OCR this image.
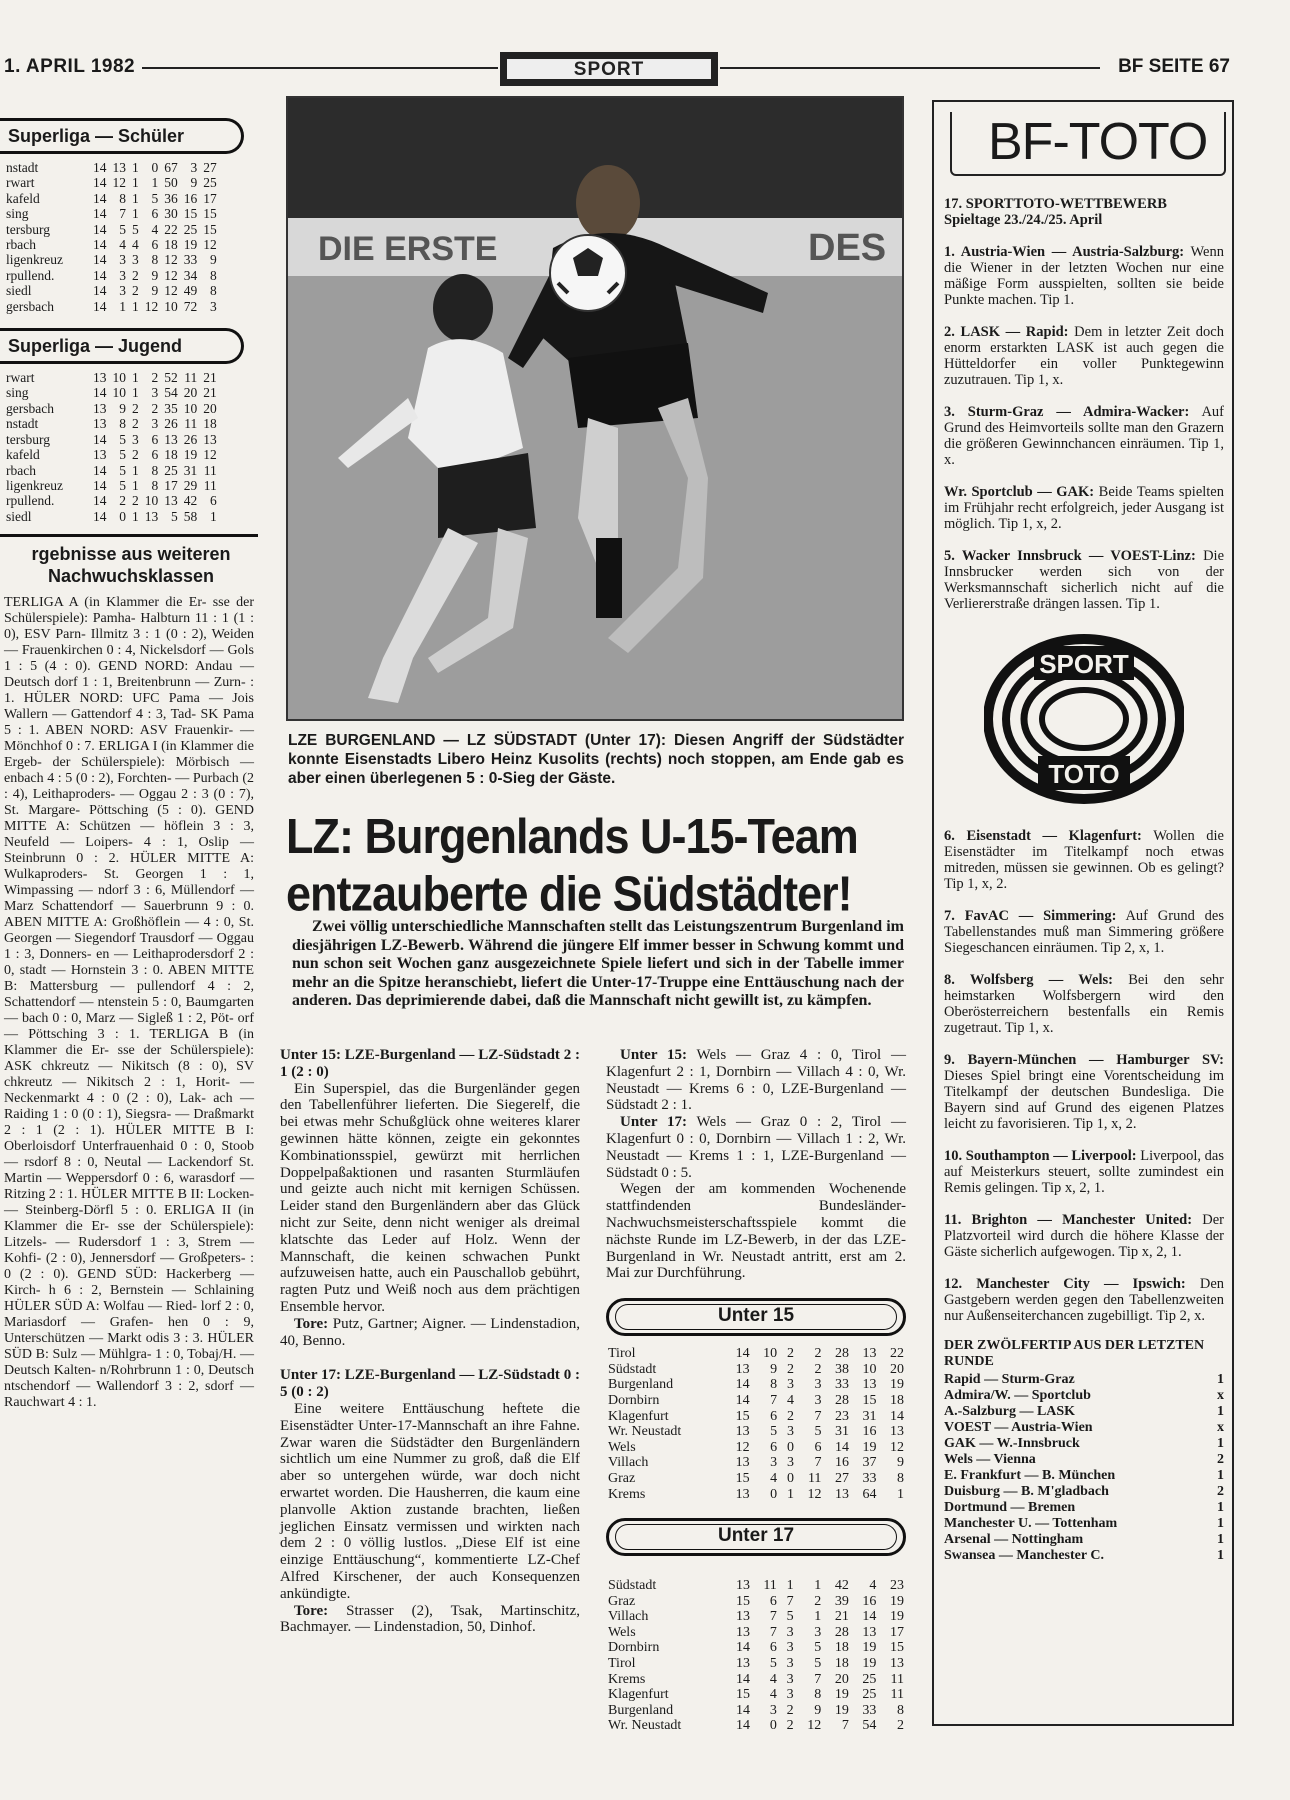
1. APRIL 1982	SPORT	BF SEITE 67
Superliga — Schüler
nstadt	14	13	1	0	67	3	27
rwart	14	12	1	1	50	9	25
kafeld	14	8	1	5	36	16	17
sing	14	7	1	6	30	15	15
tersburg	14	5	5	4	22	25	15
rbach	14	4	4	6	18	19	12
ligenkreuz	14	3	3	8	12	33	9
rpullend.	14	3	2	9	12	34	8
siedl	14	3	2	9	12	49	8
gersbach	14	1	1	12	10	72	3
Superliga — Jugend
rwart	13	10	1	2	52	11	21
sing	14	10	1	3	54	20	21
gersbach	13	9	2	2	35	10	20
nstadt	13	8	2	3	26	11	18
tersburg	14	5	3	6	13	26	13
kafeld	13	5	2	6	18	19	12
rbach	14	5	1	8	25	31	11
ligenkreuz	14	5	1	8	17	29	11
rpullend.	14	2	2	10	13	42	6
siedl	14	0	1	13	5	58	1
rgebnisse aus weiteren Nachwuchsklassen
TERLIGA A (in Klammer die Er- sse der Schülerspiele): Pamha- Halbturn 11 : 1 (1 : 0), ESV Parn- Illmitz 3 : 1 (0 : 2), Weiden — Frauenkirchen 0 : 4, Nickelsdorf — Gols 1 : 5 (4 : 0). GEND NORD: Andau — Deutsch dorf 1 : 1, Breitenbrunn — Zurn- : 1. HÜLER NORD: UFC Pama — Jois Wallern — Gattendorf 4 : 3, Tad- SK Pama 5 : 1. ABEN NORD: ASV Frauenkir- — Mönchhof 0 : 7. ERLIGA I (in Klammer die Ergeb- der Schülerspiele): Mörbisch — enbach 4 : 5 (0 : 2), Forchten- — Purbach (2 : 4), Leithaproders- — Oggau 2 : 3 (0 : 7), St. Margare- Pöttsching (5 : 0). GEND MITTE A: Schützen — höflein 3 : 3, Neufeld — Loipers- 4 : 1, Oslip — Steinbrunn 0 : 2. HÜLER MITTE A: Wulkaproders- St. Georgen 1 : 1, Wimpassing — ndorf 3 : 6, Müllendorf — Marz Schattendorf — Sauerbrunn 9 : 0. ABEN MITTE A: Großhöflein — 4 : 0, St. Georgen — Siegendorf Trausdorf — Oggau 1 : 3, Donners- en — Leithaprodersdorf 2 : 0, stadt — Hornstein 3 : 0. ABEN MITTE B: Mattersburg — pullendorf 4 : 2, Schattendorf — ntenstein 5 : 0, Baumgarten — bach 0 : 0, Marz — Sigleß 1 : 2, Pöt- orf — Pöttsching 3 : 1. TERLIGA B (in Klammer die Er- sse der Schülerspiele): ASK chkreutz — Nikitsch (8 : 0), SV chkreutz — Nikitsch 2 : 1, Horit- — Neckenmarkt 4 : 0 (2 : 0), Lak- ach — Raiding 1 : 0 (0 : 1), Siegsra- — Draßmarkt 2 : 1 (2 : 1). HÜLER MITTE B I: Oberloisdorf Unterfrauenhaid 0 : 0, Stoob — rsdorf 8 : 0, Neutal — Lackendorf St. Martin — Weppersdorf 0 : 6, warasdorf — Ritzing 2 : 1. HÜLER MITTE B II: Locken- — Steinberg-Dörfl 5 : 0. ERLIGA II (in Klammer die Er- sse der Schülerspiele): Litzels- — Rudersdorf 1 : 3, Strem — Kohfi- (2 : 0), Jennersdorf — Großpeters- : 0 (2 : 0). GEND SÜD: Hackerberg — Kirch- h 6 : 2, Bernstein — Schlaining HÜLER SÜD A: Wolfau — Ried- lorf 2 : 0, Mariasdorf — Grafen- hen 0 : 9, Unterschützen — Markt odis 3 : 3. HÜLER SÜD B: Sulz — Mühlgra- 1 : 0, Tobaj/H. — Deutsch Kalten- n/Rohrbrunn 1 : 0, Deutsch ntschendorf — Wallendorf 3 : 2, sdorf — Rauchwart 4 : 1.
DIE ERSTE	DES
LZE BURGENLAND — LZ SÜDSTADT (Unter 17): Diesen Angriff der Südstädter konnte Eisenstadts Libero Heinz Kusolits (rechts) noch stoppen, am Ende gab es aber einen überlegenen 5 : 0-Sieg der Gäste.
LZ: Burgenlands U-15-Team
entzauberte die Südstädter!
Zwei völlig unterschiedliche Mannschaften stellt das Leistungszentrum Burgenland im diesjährigen LZ-Bewerb. Während die jüngere Elf immer besser in Schwung kommt und nun schon seit Wochen ganz ausgezeichnete Spiele liefert und sich in der Tabelle immer mehr an die Spitze heranschiebt, liefert die Unter-17-Truppe eine Enttäuschung nach der anderen. Das deprimierende dabei, daß die Mannschaft nicht gewillt ist, zu kämpfen.
Unter 15: LZE-Burgenland — LZ-Südstadt 2 : 1 (2 : 0)

Ein Superspiel, das die Burgenländer gegen den Tabellenführer lieferten. Die Siegerelf, die bei etwas mehr Schußglück ohne weiteres klarer gewinnen hätte können, zeigte ein gekonntes Kombinationsspiel, gewürzt mit herrlichen Doppelpaßaktionen und rasanten Sturmläufen und geizte auch nicht mit kernigen Schüssen. Leider stand den Burgenländern aber das Glück nicht zur Seite, denn nicht weniger als dreimal klatschte das Leder auf Holz. Wenn der Mannschaft, die keinen schwachen Punkt aufzuweisen hatte, auch ein Pauschallob gebührt, ragten Putz und Weiß noch aus dem prächtigen Ensemble hervor.

Tore: Putz, Gartner; Aigner. — Lindenstadion, 40, Benno.

Unter 17: LZE-Burgenland — LZ-Südstadt 0 : 5 (0 : 2)

Eine weitere Enttäuschung heftete die Eisenstädter Unter-17-Mannschaft an ihre Fahne. Zwar waren die Südstädter den Burgenländern sichtlich um eine Nummer zu groß, daß die Elf aber so untergehen würde, war doch nicht erwartet worden. Die Hausherren, die kaum eine planvolle Aktion zustande brachten, ließen jeglichen Einsatz vermissen und wirkten nach dem 2 : 0 völlig lustlos. „Diese Elf ist eine einzige Enttäuschung“, kommentierte LZ-Chef Alfred Kirschener, der auch Konsequenzen ankündigte.

Tore: Strasser (2), Tsak, Martinschitz, Bachmayer. — Lindenstadion, 50, Dinhof.

Unter 15: Wels — Graz 4 : 0, Tirol — Klagenfurt 2 : 1, Dornbirn — Villach 4 : 0, Wr. Neustadt — Krems 6 : 0, LZE-Burgenland — Südstadt 2 : 1.

Unter 17: Wels — Graz 0 : 2, Tirol — Klagenfurt 0 : 0, Dornbirn — Villach 1 : 2, Wr. Neustadt — Krems 1 : 1, LZE-Burgenland — Südstadt 0 : 5.

Wegen der am kommenden Wochenende stattfindenden Bundesländer-Nachwuchsmeisterschaftsspiele kommt die nächste Runde im LZ-Bewerb, in der das LZE-Burgenland in Wr. Neustadt antritt, erst am 2. Mai zur Durchführung.

Unter 15
Tirol	14	10	2	2	28	13	22
Südstadt	13	9	2	2	38	10	20
Burgenland	14	8	3	3	33	13	19
Dornbirn	14	7	4	3	28	15	18
Klagenfurt	15	6	2	7	23	31	14
Wr. Neustadt	13	5	3	5	31	16	13
Wels	12	6	0	6	14	19	12
Villach	13	3	3	7	16	37	9
Graz	15	4	0	11	27	33	8
Krems	13	0	1	12	13	64	1
Unter 17
Südstadt	13	11	1	1	42	4	23
Graz	15	6	7	2	39	16	19
Villach	13	7	5	1	21	14	19
Wels	13	7	3	3	28	13	17
Dornbirn	14	6	3	5	18	19	15
Tirol	13	5	3	5	18	19	13
Krems	14	4	3	7	20	25	11
Klagenfurt	15	4	3	8	19	25	11
Burgenland	14	3	2	9	19	33	8
Wr. Neustadt	14	0	2	12	7	54	2
BF-TOTO
17. SPORTTOTO-WETTBEWERB
Spieltage 23./24./25. April
1. Austria-Wien — Austria-Salzburg: Wenn die Wiener in der letzten Wochen nur eine mäßige Form ausspielten, sollten sie beide Punkte machen. Tip 1.
2. LASK — Rapid: Dem in letzter Zeit doch enorm erstarkten LASK ist auch gegen die Hütteldorfer ein voller Punktegewinn zuzutrauen. Tip 1, x.
3. Sturm-Graz — Admira-Wacker: Auf Grund des Heimvorteils sollte man den Grazern die größeren Gewinnchancen einräumen. Tip 1, x.
Wr. Sportclub — GAK: Beide Teams spielten im Frühjahr recht erfolgreich, jeder Ausgang ist möglich. Tip 1, x, 2.
5. Wacker Innsbruck — VOEST-Linz: Die Innsbrucker werden sich von der Werksmannschaft sicherlich nicht auf die Verliererstraße drängen lassen. Tip 1.
SPORT
TOTO
6. Eisenstadt — Klagenfurt: Wollen die Eisenstädter im Titelkampf noch etwas mitreden, müssen sie gewinnen. Ob es gelingt? Tip 1, x, 2.
7. FavAC — Simmering: Auf Grund des Tabellenstandes muß man Simmering größere Siegeschancen einräumen. Tip 2, x, 1.
8. Wolfsberg — Wels: Bei den sehr heimstarken Wolfsbergern wird den Oberösterreichern bestenfalls ein Remis zugetraut. Tip 1, x.
9. Bayern-München — Hamburger SV: Dieses Spiel bringt eine Vorentscheidung im Titelkampf der deutschen Bundesliga. Die Bayern sind auf Grund des eigenen Platzes leicht zu favorisieren. Tip 1, x, 2.
10. Southampton — Liverpool: Liverpool, das auf Meisterkurs steuert, sollte zumindest ein Remis gelingen. Tip x, 2, 1.
11. Brighton — Manchester United: Der Platzvorteil wird durch die höhere Klasse der Gäste sicherlich aufgewogen. Tip x, 2, 1.
12. Manchester City — Ipswich: Den Gastgebern werden gegen den Tabellenzweiten nur Außenseiterchancen zugebilligt. Tip 2, x.
DER ZWÖLFERTIP AUS DER LETZTEN RUNDE
Rapid — Sturm-Graz	1
Admira/W. — Sportclub	x
A.-Salzburg — LASK	1
VOEST — Austria-Wien	x
GAK — W.-Innsbruck	1
Wels — Vienna	2
E. Frankfurt — B. München	1
Duisburg — B. M'gladbach	2
Dortmund — Bremen	1
Manchester U. — Tottenham	1
Arsenal — Nottingham	1
Swansea — Manchester C.	1
